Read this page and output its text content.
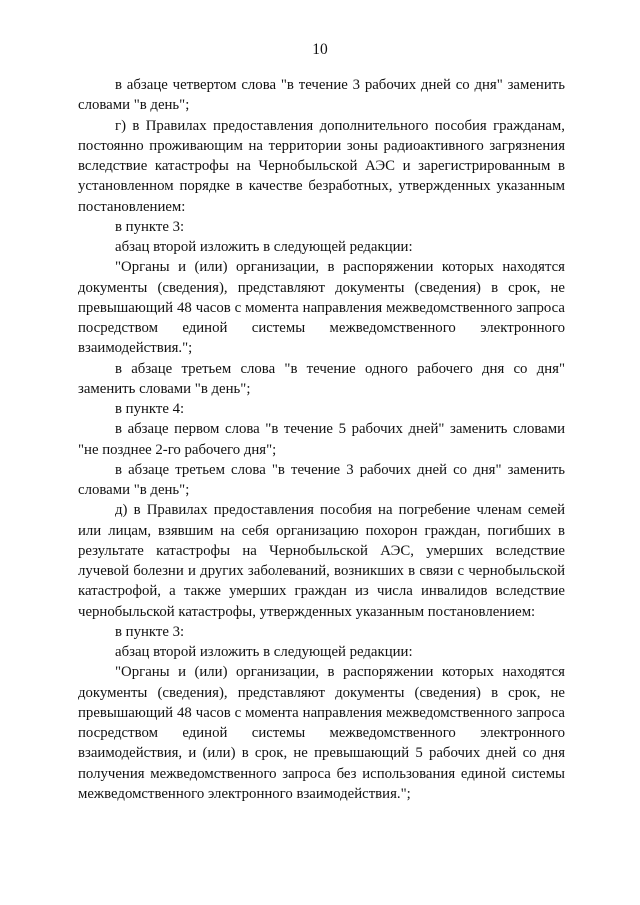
10

в абзаце четвертом слова "в течение 3 рабочих дней со дня" заменить словами "в день";

г) в Правилах предоставления дополнительного пособия гражданам, постоянно проживающим на территории зоны радиоактивного загрязнения вследствие катастрофы на Чернобыльской АЭС и зарегистрированным в установленном порядке в качестве безработных, утвержденных указанным постановлением:

в пункте 3:

абзац второй изложить в следующей редакции:

"Органы и (или) организации, в распоряжении которых находятся документы (сведения), представляют документы (сведения) в срок, не превышающий 48 часов с момента направления межведомственного запроса посредством единой системы межведомственного электронного взаимодействия.";

в абзаце третьем слова "в течение одного рабочего дня со дня" заменить словами "в день";

в пункте 4:

в абзаце первом слова "в течение 5 рабочих дней" заменить словами "не позднее 2-го рабочего дня";

в абзаце третьем слова "в течение 3 рабочих дней со дня" заменить словами "в день";

д) в Правилах предоставления пособия на погребение членам семей или лицам, взявшим на себя организацию похорон граждан, погибших в результате катастрофы на Чернобыльской АЭС, умерших вследствие лучевой болезни и других заболеваний, возникших в связи с чернобыльской катастрофой, а также умерших граждан из числа инвалидов вследствие чернобыльской катастрофы, утвержденных указанным постановлением:

в пункте 3:

абзац второй изложить в следующей редакции:

"Органы и (или) организации, в распоряжении которых находятся документы (сведения), представляют документы (сведения) в срок, не превышающий 48 часов с момента направления межведомственного запроса посредством единой системы межведомственного электронного взаимодействия, и (или) в срок, не превышающий 5 рабочих дней со дня получения межведомственного запроса без использования единой системы межведомственного электронного взаимодействия.";
